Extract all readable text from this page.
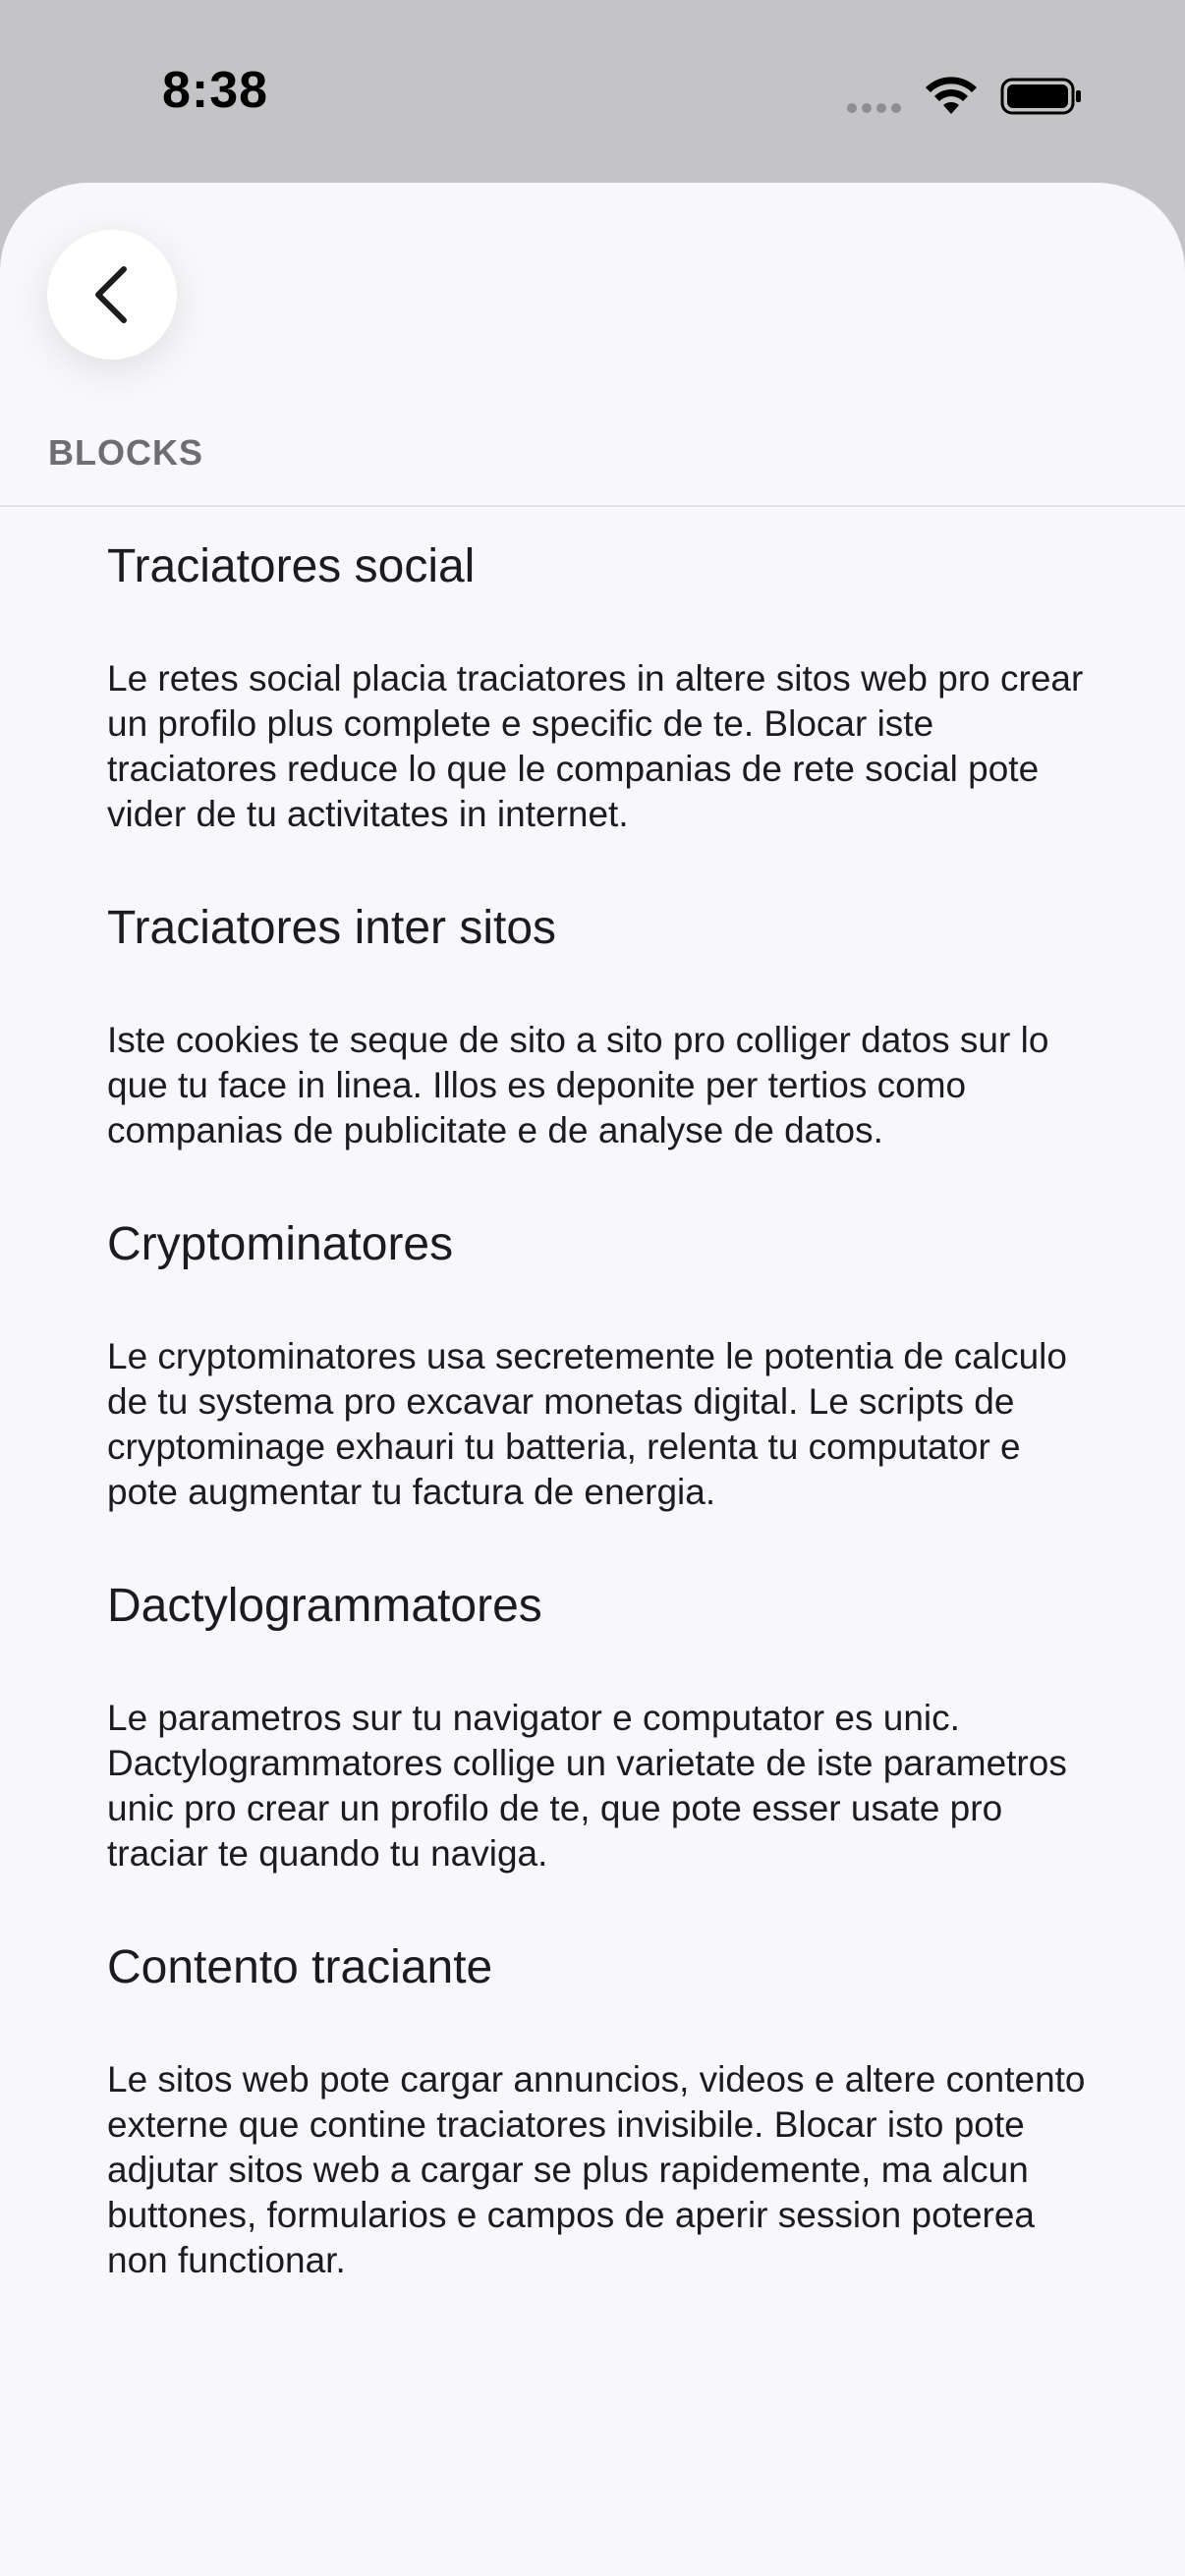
8:38
BLOCKS
Traciatores social
Le retes social placia traciatores in altere sitos web pro crear un profilo plus complete e specific de te. Blocar iste traciatores reduce lo que le companias de rete social pote vider de tu activitates in internet.
Traciatores inter sitos
Iste cookies te seque de sito a sito pro colliger datos sur lo que tu face in linea. Illos es deponite per tertios como companias de publicitate e de analyse de datos.
Cryptominatores
Le cryptominatores usa secretemente le potentia de calculo de tu systema pro excavar monetas digital. Le scripts de cryptominage exhauri tu batteria, relenta tu computator e pote augmentar tu factura de energia.
Dactylogrammatores
Le parametros sur tu navigator e computator es unic. Dactylogrammatores collige un varietate de iste parametros unic pro crear un profilo de te, que pote esser usate pro traciar te quando tu naviga.
Contento traciante
Le sitos web pote cargar annuncios, videos e altere contento externe que contine traciatores invisibile. Blocar isto pote adjutar sitos web a cargar se plus rapidemente, ma alcun buttones, formularios e campos de aperir session poterea non functionar.
